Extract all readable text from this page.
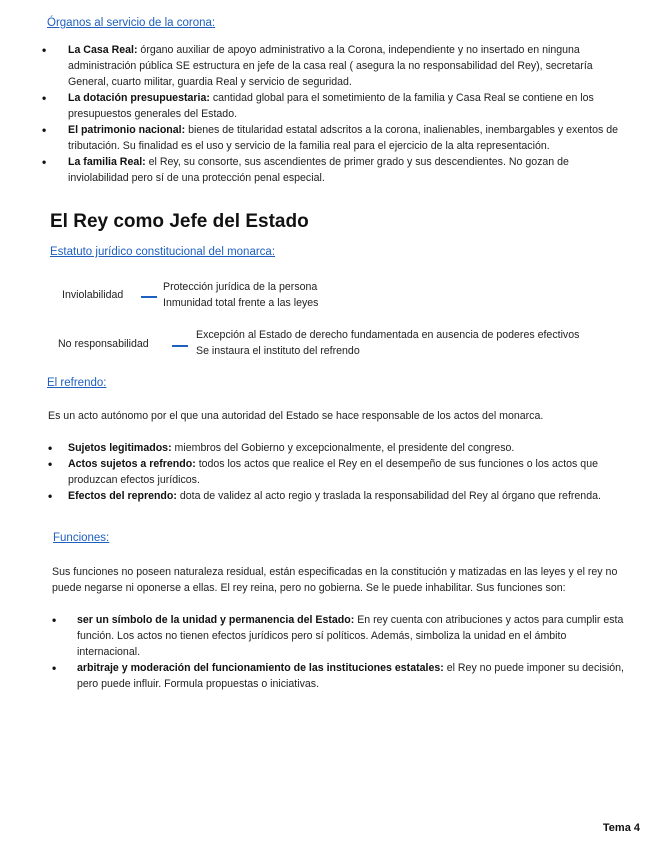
Órganos al servicio de la corona:
• La Casa Real: órgano auxiliar de apoyo administrativo a la Corona, independiente y no insertado en ninguna administración pública SE estructura en jefe de la casa real ( asegura la no responsabilidad del Rey), secretaría General, cuarto militar, guardia Real y servicio de seguridad.
• La dotación presupuestaria: cantidad global para el sometimiento de la familia y Casa Real se contiene en los presupuestos generales del Estado.
• El patrimonio nacional: bienes de titularidad estatal adscritos a la corona, inalienables, inembargables y exentos de tributación. Su finalidad es el uso y servicio de la familia real para el ejercicio de la alta representación.
• La familia Real: el Rey, su consorte, sus ascendientes de primer grado y sus descendientes. No gozan de inviolabilidad pero sí de una protección penal especial.
El Rey como Jefe del Estado
Estatuto jurídico constitucional del monarca:
Inviolabilidad
Protección jurídica de la persona
Inmunidad total frente a las leyes
No responsabilidad
Excepción al Estado de derecho fundamentada en ausencia de poderes efectivos
Se instaura el instituto del refrendo
El refrendo:
Es un acto autónomo por el que una autoridad del Estado se hace responsable de los actos del monarca.
• Sujetos legitimados: miembros del Gobierno y excepcionalmente, el presidente del congreso.
• Actos sujetos a refrendo: todos los actos que realice el Rey en el desempeño de sus funciones o los actos que produzcan efectos jurídicos.
• Efectos del reprendo: dota de validez al acto regio y traslada la responsabilidad del Rey al órgano que refrenda.
Funciones:
Sus funciones no poseen naturaleza residual, están especificadas en la constitución y matizadas en las leyes y el rey no puede negarse ni oponerse a ellas. El rey reina, pero no gobierna. Se le puede inhabilitar. Sus funciones son:
• ser un símbolo de la unidad y permanencia del Estado: En rey cuenta con atribuciones y actos para cumplir esta función. Los actos no tienen efectos jurídicos pero sí políticos. Además, simboliza la unidad en el ámbito internacional.
• arbitraje y moderación del funcionamiento de las instituciones estatales: el Rey no puede imponer su decisión, pero puede influir. Formula propuestas o iniciativas.
Tema 4
